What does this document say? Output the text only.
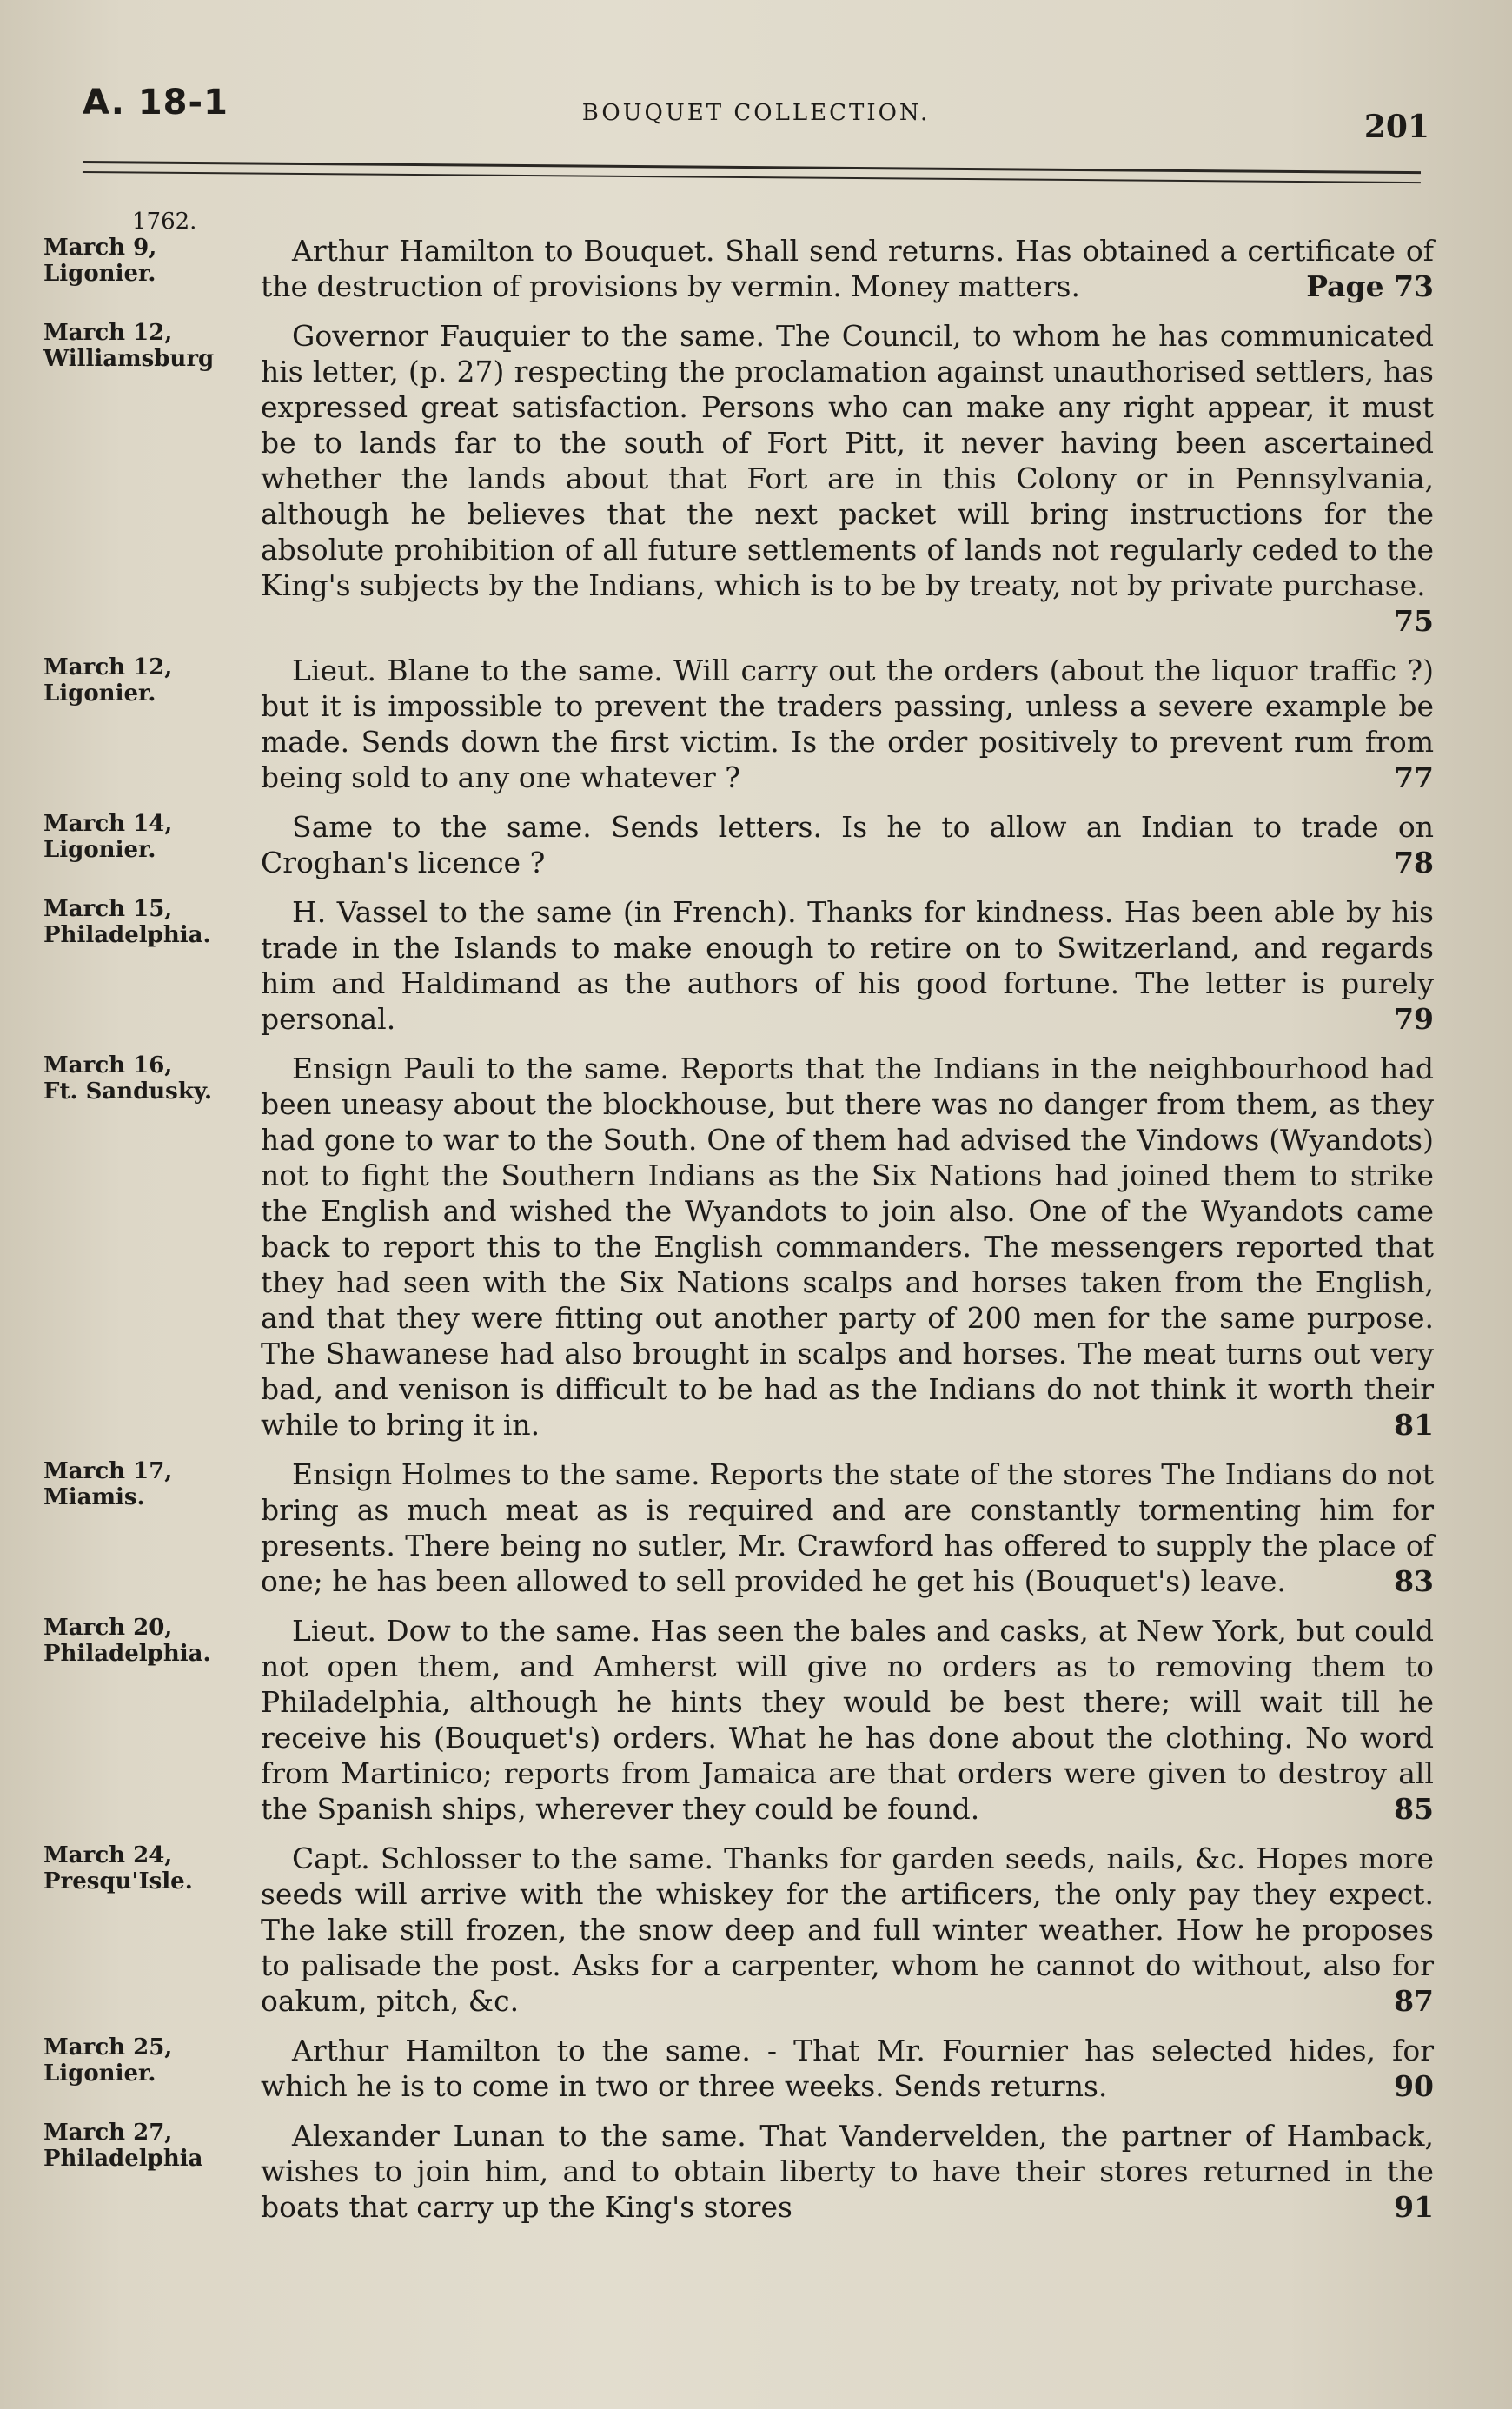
A. 18-1	BOUQUET COLLECTION.	201
1762.
March 9,
Ligonier.
Arthur Hamilton to Bouquet. Shall send returns. Has obtained a certificate of the destruction of provisions by vermin. Money matters.	Page 73
March 12,
Williamsburg
Governor Fauquier to the same. The Council, to whom he has communicated his letter, (p. 27) respecting the proclamation against unauthorised settlers, has expressed great satisfaction. Persons who can make any right appear, it must be to lands far to the south of Fort Pitt, it never having been ascertained whether the lands about that Fort are in this Colony or in Pennsylvania, although he believes that the next packet will bring instructions for the absolute prohibition of all future settlements of lands not regularly ceded to the King's subjects by the Indians, which is to be by treaty, not by private purchase.
75
March 12,
Ligonier.
Lieut. Blane to the same. Will carry out the orders (about the liquor traffic ?) but it is impossible to prevent the traders passing, unless a severe example be made. Sends down the first victim. Is the order positively to prevent rum from being sold to any one whatever ?	77
March 14,
Ligonier.
Same to the same. Sends letters. Is he to allow an Indian to trade on Croghan's licence ?	78
March 15,
Philadelphia.
H. Vassel to the same (in French). Thanks for kindness. Has been able by his trade in the Islands to make enough to retire on to Switzerland, and regards him and Haldimand as the authors of his good fortune. The letter is purely personal.	79
March 16,
Ft. Sandusky.
Ensign Pauli to the same. Reports that the Indians in the neighbourhood had been uneasy about the blockhouse, but there was no danger from them, as they had gone to war to the South. One of them had advised the Vindows (Wyandots) not to fight the Southern Indians as the Six Nations had joined them to strike the English and wished the Wyandots to join also. One of the Wyandots came back to report this to the English commanders. The messengers reported that they had seen with the Six Nations scalps and horses taken from the English, and that they were fitting out another party of 200 men for the same purpose. The Shawanese had also brought in scalps and horses. The meat turns out very bad, and venison is difficult to be had as the Indians do not think it worth their while to bring it in.	81
March 17,
Miamis.
Ensign Holmes to the same. Reports the state of the stores The Indians do not bring as much meat as is required and are constantly tormenting him for presents. There being no sutler, Mr. Crawford has offered to supply the place of one; he has been allowed to sell provided he get his (Bouquet's) leave.	83
March 20,
Philadelphia.
Lieut. Dow to the same. Has seen the bales and casks, at New York, but could not open them, and Amherst will give no orders as to removing them to Philadelphia, although he hints they would be best there; will wait till he receive his (Bouquet's) orders. What he has done about the clothing. No word from Martinico; reports from Jamaica are that orders were given to destroy all the Spanish ships, wherever they could be found.	85
March 24,
Presqu'Isle.
Capt. Schlosser to the same. Thanks for garden seeds, nails, &c. Hopes more seeds will arrive with the whiskey for the artificers, the only pay they expect. The lake still frozen, the snow deep and full winter weather. How he proposes to palisade the post. Asks for a carpenter, whom he cannot do without, also for oakum, pitch, &c.	87
March 25,
Ligonier.
Arthur Hamilton to the same. - That Mr. Fournier has selected hides, for which he is to come in two or three weeks. Sends returns.	90
March 27,
Philadelphia
Alexander Lunan to the same. That Vandervelden, the partner of Hamback, wishes to join him, and to obtain liberty to have their stores returned in the boats that carry up the King's stores	91
